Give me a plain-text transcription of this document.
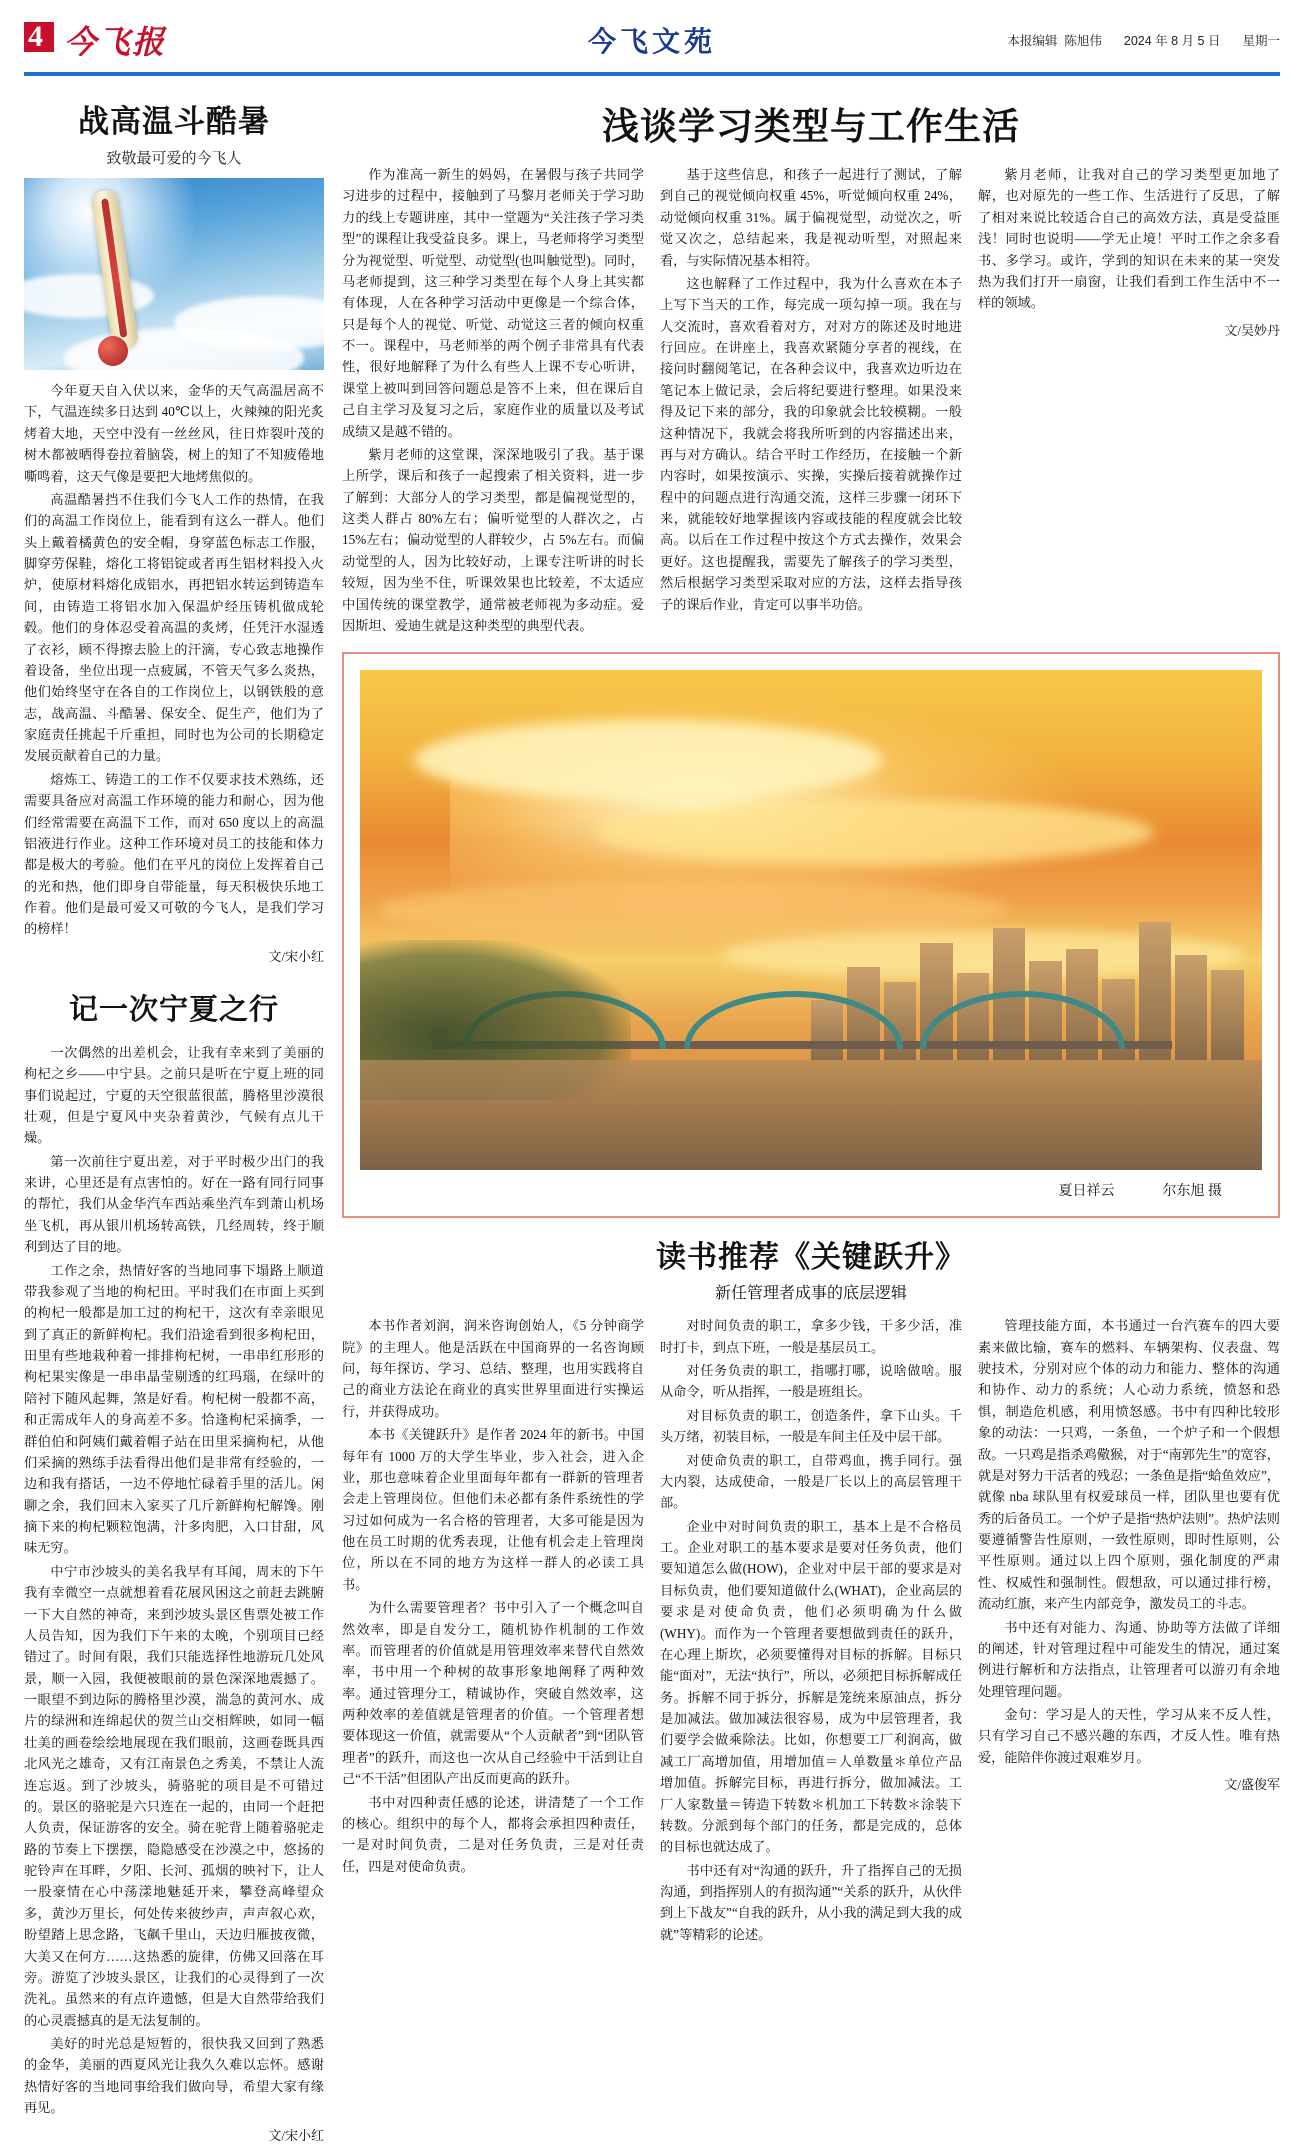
4 今飞报	今飞文苑	本报编辑 陈旭伟 2024 年 8 月 5 日 星期一
战高温斗酷暑
致敬最可爱的今飞人

今年夏天自入伏以来，金华的天气高温居高不下，气温连续多日达到 40℃以上，火辣辣的阳光炙烤着大地，天空中没有一丝丝风，往日炸裂叶茂的树木都被晒得卷拉着脑袋，树上的知了不知疲倦地嘶鸣着，这天气像是要把大地烤焦似的。

高温酷暑挡不住我们今飞人工作的热情，在我们的高温工作岗位上，能看到有这么一群人。他们头上戴着橘黄色的安全帽，身穿蓝色标志工作服，脚穿劳保鞋，熔化工将铝锭或者再生铝材料投入火炉，使原材料熔化成铝水，再把铝水转运到铸造车间，由铸造工将铝水加入保温炉经压铸机做成轮毂。他们的身体忍受着高温的炙烤，任凭汗水湿透了衣衫，顾不得擦去脸上的汗滴，专心致志地操作着设备，坐位出现一点疲属，不管天气多么炎热，他们始终坚守在各自的工作岗位上，以钢铁般的意志，战高温、斗酷暑、保安全、促生产，他们为了家庭责任挑起千斤重担，同时也为公司的长期稳定发展贡献着自己的力量。

熔炼工、铸造工的工作不仅要求技术熟练，还需要具备应对高温工作环境的能力和耐心，因为他们经常需要在高温下工作，而对 650 度以上的高温铝液进行作业。这种工作环境对员工的技能和体力都是极大的考验。他们在平凡的岗位上发挥着自己的光和热，他们即身自带能量，每天积极快乐地工作着。他们是最可爱又可敬的今飞人，是我们学习的榜样！

文/宋小红
记一次宁夏之行

一次偶然的出差机会，让我有幸来到了美丽的枸杞之乡——中宁县。之前只是听在宁夏上班的同事们说起过，宁夏的天空很蓝很蓝，腾格里沙漠很壮观，但是宁夏风中夹杂着黄沙，气候有点儿干燥。

第一次前往宁夏出差，对于平时极少出门的我来讲，心里还是有点害怕的。好在一路有同行同事的帮忙，我们从金华汽车西站乘坐汽车到萧山机场坐飞机，再从银川机场转高铁，几经周转，终于顺利到达了目的地。

工作之余，热情好客的当地同事下塌路上顺道带我参观了当地的枸杞田。平时我们在市面上买到的枸杞一般都是加工过的枸杞干，这次有幸亲眼见到了真正的新鲜枸杞。我们沿途看到很多枸杞田，田里有些地栽种着一排排枸杞树，一串串红形形的枸杞果实像是一串串晶莹剔透的红玛瑙，在绿叶的陪衬下随风起舞，煞是好看。枸杞树一般都不高，和正需成年人的身高差不多。恰逢枸杞采摘季，一群伯伯和阿姨们戴着帽子站在田里采摘枸杞，从他们采摘的熟练手法看得出他们是非常有经验的，一边和我有搭话，一边不停地忙碌着手里的活儿。闲聊之余，我们回末入家买了几斤新鲜枸杞解馋。刚摘下来的枸杞颗粒饱满，汁多肉肥，入口甘甜，风味无穷。

中宁市沙坡头的美名我早有耳闻，周末的下午我有幸微空一点就想着看花展风困这之前赶去跳腑一下大自然的神奇，来到沙坡头景区售票处被工作人员告知，因为我们下午来的太晚，个别项目已经错过了。时间有限，我们只能选择性地游玩几处风景，顺一入园，我便被眼前的景色深深地震撼了。一眼望不到边际的腾格里沙漠，湍急的黄河水、成片的绿洲和连绵起伏的贺兰山交相辉映，如同一幅壮美的画卷绘绘地展现在我们眼前，这画卷既具西北风光之雄奇，又有江南景色之秀美，不禁让人流连忘返。到了沙坡头，骑骆驼的项目是不可错过的。景区的骆驼是六只连在一起的，由同一个赶把人负责，保证游客的安全。骑在驼背上随着骆驼走路的节奏上下摆摆，隐隐感受在沙漠之中，悠扬的驼铃声在耳畔，夕阳、长河、孤烟的映衬下，让人一股豪情在心中荡漾地魅延开来，攀登高峰望众多，黄沙万里长，何处传来彼纱声，声声叙心欢，盼望踏上思念路，飞飙千里山，天边归雁披夜微，大美又在何方……这热悉的旋律，仿佛又回落在耳旁。游览了沙坡头景区，让我们的心灵得到了一次洗礼。虽然来的有点许遗憾，但是大自然带给我们的心灵震撼真的是无法复制的。

美好的时光总是短暂的，很快我又回到了熟悉的金华，美丽的西夏风光让我久久难以忘怀。感谢热情好客的当地同事给我们做向导，希望大家有缘再见。

文/宋小红
浅谈学习类型与工作生活

作为准高一新生的妈妈，在暑假与孩子共同学习进步的过程中，接触到了马黎月老师关于学习助力的线上专题讲座，其中一堂题为“关注孩子学习类型”的课程让我受益良多。课上，马老师将学习类型分为视觉型、听觉型、动觉型(也叫触觉型)。同时，马老师提到，这三种学习类型在每个人身上其实都有体现，人在各种学习活动中更像是一个综合体，只是每个人的视觉、听觉、动觉这三者的倾向权重不一。课程中，马老师举的两个例子非常具有代表性，很好地解释了为什么有些人上课不专心听讲，课堂上被叫到回答问题总是答不上来，但在课后自己自主学习及复习之后，家庭作业的质量以及考试成绩又是越不错的。

紫月老师的这堂课，深深地吸引了我。基于课上所学，课后和孩子一起搜索了相关资料，进一步了解到：大部分人的学习类型，都是偏视觉型的，这类人群占 80%左右；偏听觉型的人群次之，占 15%左右；偏动觉型的人群较少，占 5%左右。而偏动觉型的人，因为比较好动，上课专注听讲的时长较短，因为坐不住，听课效果也比较差，不太适应中国传统的课堂教学，通常被老师视为多动症。爱因斯坦、爱迪生就是这种类型的典型代表。

基于这些信息，和孩子一起进行了测试，了解到自己的视觉倾向权重 45%，听觉倾向权重 24%，动觉倾向权重 31%。属于偏视觉型，动觉次之，听觉又次之，总结起来，我是视动听型，对照起来看，与实际情况基本相符。

这也解释了工作过程中，我为什么喜欢在本子上写下当天的工作，每完成一项勾掉一项。我在与人交流时，喜欢看着对方，对对方的陈述及时地进行回应。在讲座上，我喜欢紧随分享者的视线，在接问时翻阅笔记，在各种会议中，我喜欢边听边在笔记本上做记录，会后将纪要进行整理。如果没来得及记下来的部分，我的印象就会比较模糊。一般这种情况下，我就会将我所听到的内容描述出来，再与对方确认。结合平时工作经历，在接触一个新内容时，如果按演示、实操，实操后接着就操作过程中的问题点进行沟通交流，这样三步骤一闭环下来，就能较好地掌握该内容或技能的程度就会比较高。以后在工作过程中按这个方式去操作，效果会更好。这也提醒我，需要先了解孩子的学习类型，然后根据学习类型采取对应的方法，这样去指导孩子的课后作业，肯定可以事半功倍。

紫月老师，让我对自己的学习类型更加地了解，也对原先的一些工作、生活进行了反思，了解了相对来说比较适合自己的高效方法，真是受益匪浅！同时也说明——学无止境！平时工作之余多看书、多学习。或许，学到的知识在未来的某一突发热为我们打开一扇窗，让我们看到工作生活中不一样的领域。

文/吴妙丹
夏日祥云	尔东旭 摄
读书推荐《关键跃升》
新任管理者成事的底层逻辑

本书作者刘润，润米咨询创始人，《5 分钟商学院》的主理人。他是活跃在中国商界的一名咨询顾问，每年探访、学习、总结、整理，也用实践将自己的商业方法论在商业的真实世界里面进行实操运行，并获得成功。

本书《关键跃升》是作者 2024 年的新书。中国每年有 1000 万的大学生毕业，步入社会，进入企业，那也意味着企业里面每年都有一群新的管理者会走上管理岗位。但他们未必都有条件系统性的学习过如何成为一名合格的管理者，大多可能是因为他在员工时期的优秀表现，让他有机会走上管理岗位，所以在不同的地方为这样一群人的必读工具书。

为什么需要管理者？书中引入了一个概念叫自然效率，即是自发分工，随机协作机制的工作效率。而管理者的价值就是用管理效率来替代自然效率，书中用一个种树的故事形象地阐释了两种效率。通过管理分工，精诚协作，突破自然效率，这两种效率的差值就是管理者的价值。一个管理者想要体现这一价值，就需要从“个人贡献者”到“团队管理者”的跃升，而这也一次从自己经验中干活到让自己“不干活”但团队产出反而更高的跃升。

书中对四种责任感的论述，讲清楚了一个工作的核心。组织中的每个人，都将会承担四种责任，一是对时间负责，二是对任务负责，三是对任责任，四是对使命负责。

对时间负责的职工，拿多少钱，干多少活，准时打卡，到点下班，一般是基层员工。

对任务负责的职工，指哪打哪，说啥做啥。服从命令，听从指挥，一般是班组长。

对目标负责的职工，创造条件，拿下山头。千头万绪，初装目标，一般是车间主任及中层干部。

对使命负责的职工，自带鸡血，携手同行。强大内裂，达成使命，一般是厂长以上的高层管理干部。

企业中对时间负责的职工，基本上是不合格员工。企业对职工的基本要求是要对任务负责，他们要知道怎么做(HOW)，企业对中层干部的要求是对目标负责，他们要知道做什么(WHAT)，企业高层的要求是对使命负责，他们必须明确为什么做(WHY)。而作为一个管理者要想做到责任的跃升，在心理上斯坎，必须要懂得对目标的拆解。目标只能“面对”，无法“执行”，所以，必须把目标拆解成任务。拆解不同于拆分，拆解是笼统来原油点，拆分是加减法。做加减法很容易，成为中层管理者，我们要学会做乘除法。比如，你想要工厂利润高，做减工厂高增加值，用增加值＝人单数量＊单位产品增加值。拆解完目标，再进行拆分，做加减法。工厂人家数量＝铸造下转数＊机加工下转数＊涂装下转数。分派到每个部门的任务，都是完成的，总体的目标也就达成了。

书中还有对“沟通的跃升，升了指挥自己的无损沟通，到指挥别人的有损沟通”“关系的跃升，从伙伴到上下战友”“自我的跃升，从小我的满足到大我的成就”等精彩的论述。

管理技能方面，本书通过一台汽赛车的四大要素来做比输，赛车的燃料、车辆架构、仪表盘、驾驶技术，分别对应个体的动力和能力、整体的沟通和协作、动力的系统；人心动力系统，愤怒和恐惧，制造危机感，利用愤怒感。书中有四种比较形象的动法：一只鸡，一条鱼，一个炉子和一个假想敌。一只鸡是指杀鸡儆猴，对于“南郭先生”的宽容，就是对努力干活者的残忍；一条鱼是指“蛤鱼效应”，就像 nba 球队里有权爱球员一样，团队里也要有优秀的后备员工。一个炉子是指“热炉法则”。热炉法则要遵循警告性原则，一致性原则，即时性原则，公平性原则。通过以上四个原则，强化制度的严肃性、权威性和强制性。假想敌，可以通过排行榜，流动红旗，来产生内部竞争，激发员工的斗志。

书中还有对能力、沟通、协助等方法做了详细的阐述，针对管理过程中可能发生的情况，通过案例进行解析和方法指点，让管理者可以游刃有余地处理管理问题。

金句：学习是人的天性，学习从来不反人性，只有学习自己不感兴趣的东西，才反人性。唯有热爱，能陪伴你渡过艰难岁月。

文/盛俊军
